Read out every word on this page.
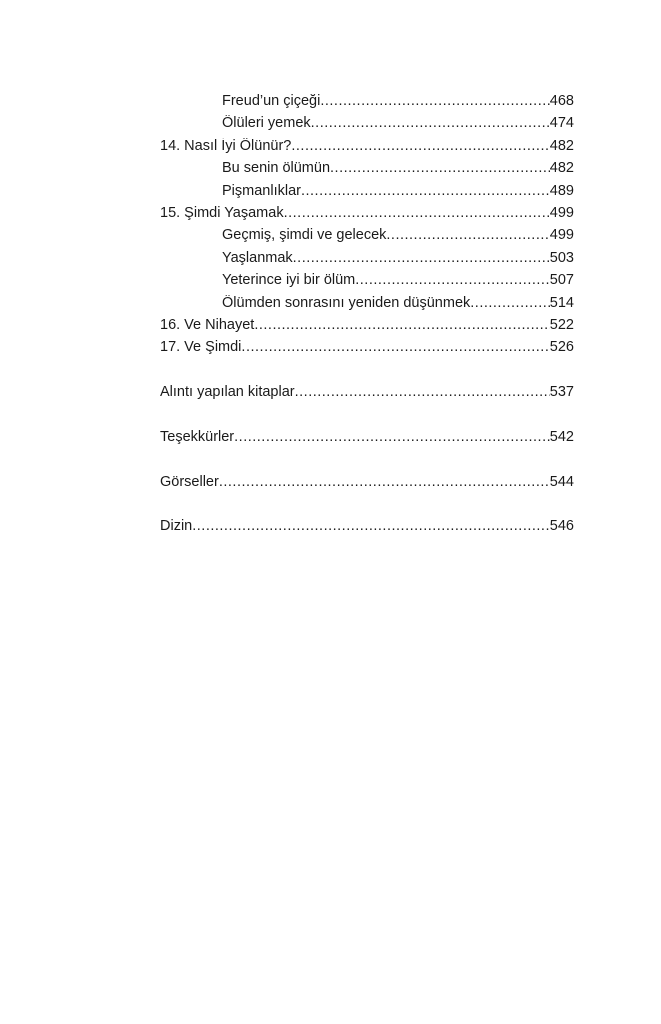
Freud’un çiçeği .....	468
Ölüleri yemek .....	474
14. Nasıl İyi Ölünür? .....	482
Bu senin ölümün .....	482
Pişmanlıklar .....	489
15. Şimdi Yaşamak .....	499
Geçmiş, şimdi ve gelecek .....	499
Yaşlanmak .....	503
Yeterince iyi bir ölüm .....	507
Ölümden sonrasını yeniden düşünmek .....	514
16. Ve Nihayet .....	522
17. Ve Şimdi .....	526
Alıntı yapılan kitaplar .....	537
Teşekkürler .....	542
Görseller .....	544
Dizin .....	546
